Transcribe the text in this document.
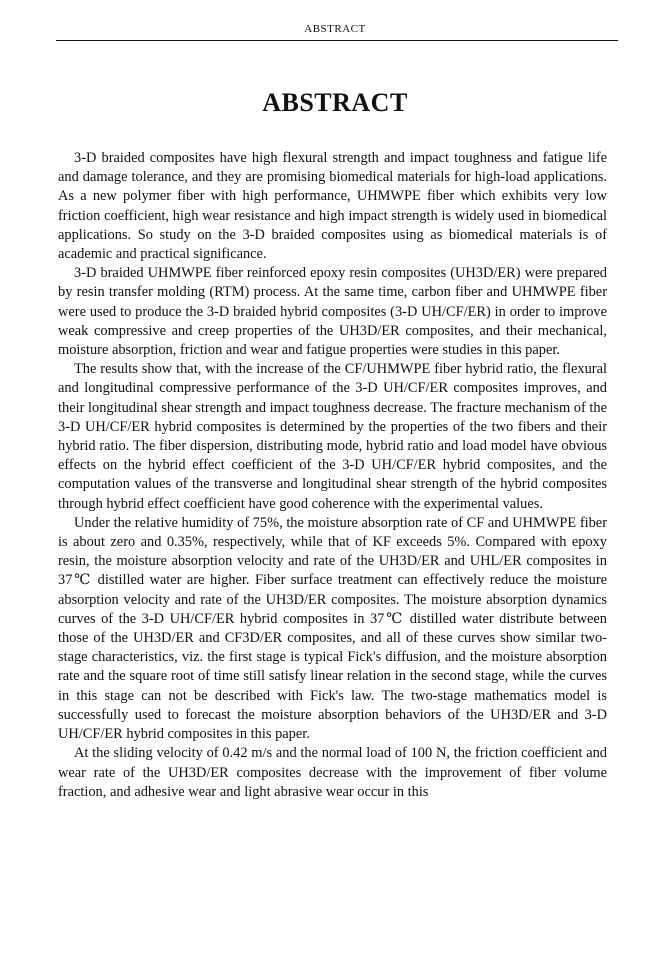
ABSTRACT
ABSTRACT

3-D braided composites have high flexural strength and impact toughness and fatigue life and damage tolerance, and they are promising biomedical materials for high-load applications. As a new polymer fiber with high performance, UHMWPE fiber which exhibits very low friction coefficient, high wear resistance and high impact strength is widely used in biomedical applications. So study on the 3-D braided composites using as biomedical materials is of academic and practical significance.

3-D braided UHMWPE fiber reinforced epoxy resin composites (UH3D/ER) were prepared by resin transfer molding (RTM) process. At the same time, carbon fiber and UHMWPE fiber were used to produce the 3-D braided hybrid composites (3-D UH/CF/ER) in order to improve weak compressive and creep properties of the UH3D/ER composites, and their mechanical, moisture absorption, friction and wear and fatigue properties were studies in this paper.

The results show that, with the increase of the CF/UHMWPE fiber hybrid ratio, the flexural and longitudinal compressive performance of the 3-D UH/CF/ER composites improves, and their longitudinal shear strength and impact toughness decrease. The fracture mechanism of the 3-D UH/CF/ER hybrid composites is determined by the properties of the two fibers and their hybrid ratio. The fiber dispersion, distributing mode, hybrid ratio and load model have obvious effects on the hybrid effect coefficient of the 3-D UH/CF/ER hybrid composites, and the computation values of the transverse and longitudinal shear strength of the hybrid composites through hybrid effect coefficient have good coherence with the experimental values.

Under the relative humidity of 75%, the moisture absorption rate of CF and UHMWPE fiber is about zero and 0.35%, respectively, while that of KF exceeds 5%. Compared with epoxy resin, the moisture absorption velocity and rate of the UH3D/ER and UHL/ER composites in 37℃ distilled water are higher. Fiber surface treatment can effectively reduce the moisture absorption velocity and rate of the UH3D/ER composites. The moisture absorption dynamics curves of the 3-D UH/CF/ER hybrid composites in 37℃ distilled water distribute between those of the UH3D/ER and CF3D/ER composites, and all of these curves show similar two-stage characteristics, viz. the first stage is typical Fick's diffusion, and the moisture absorption rate and the square root of time still satisfy linear relation in the second stage, while the curves in this stage can not be described with Fick's law. The two-stage mathematics model is successfully used to forecast the moisture absorption behaviors of the UH3D/ER and 3-D UH/CF/ER hybrid composites in this paper.

At the sliding velocity of 0.42 m/s and the normal load of 100 N, the friction coefficient and wear rate of the UH3D/ER composites decrease with the improvement of fiber volume fraction, and adhesive wear and light abrasive wear occur in this
